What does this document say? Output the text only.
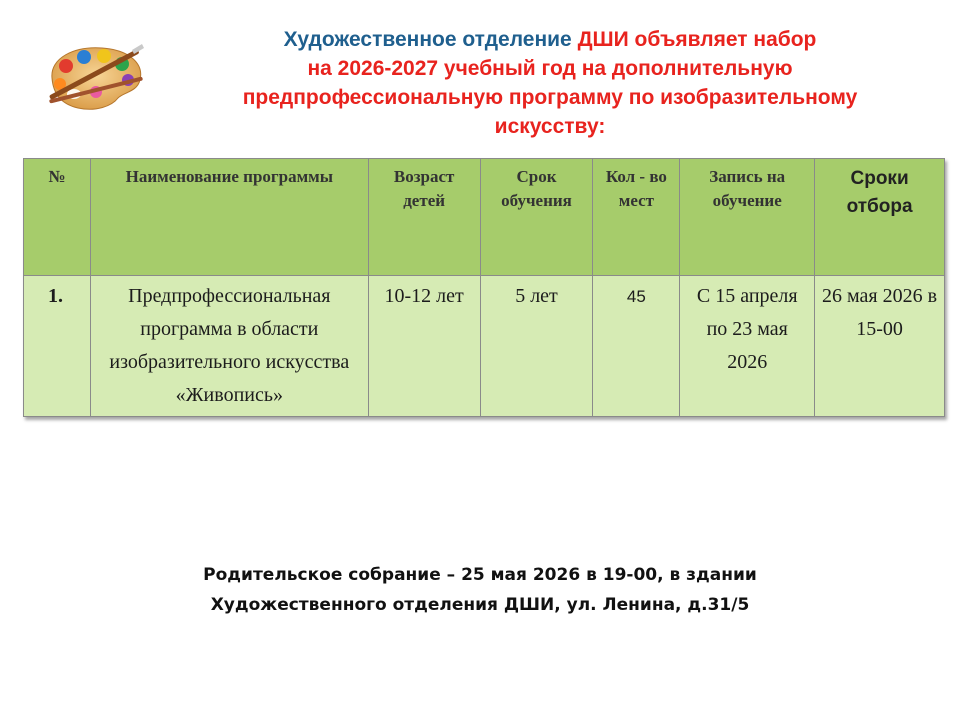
Художественное отделение ДШИ объявляет набор
на 2026-2027 учебный год на дополнительную
предпрофессиональную программу по изобразительному
искусству:
№	Наименование программы	Возраст детей	Срок обучения	Кол - во мест	Запись на обучение	Сроки отбора
1.	Предпрофессиональная программа в области изобразительного искусства «Живопись»	10-12 лет	5 лет	45	С 15 апреля по 23 мая 2026	26 мая 2026 в 15-00
Родительское собрание – 25 мая 2026 в 19-00, в здании
Художественного отделения ДШИ, ул. Ленина, д.31/5
